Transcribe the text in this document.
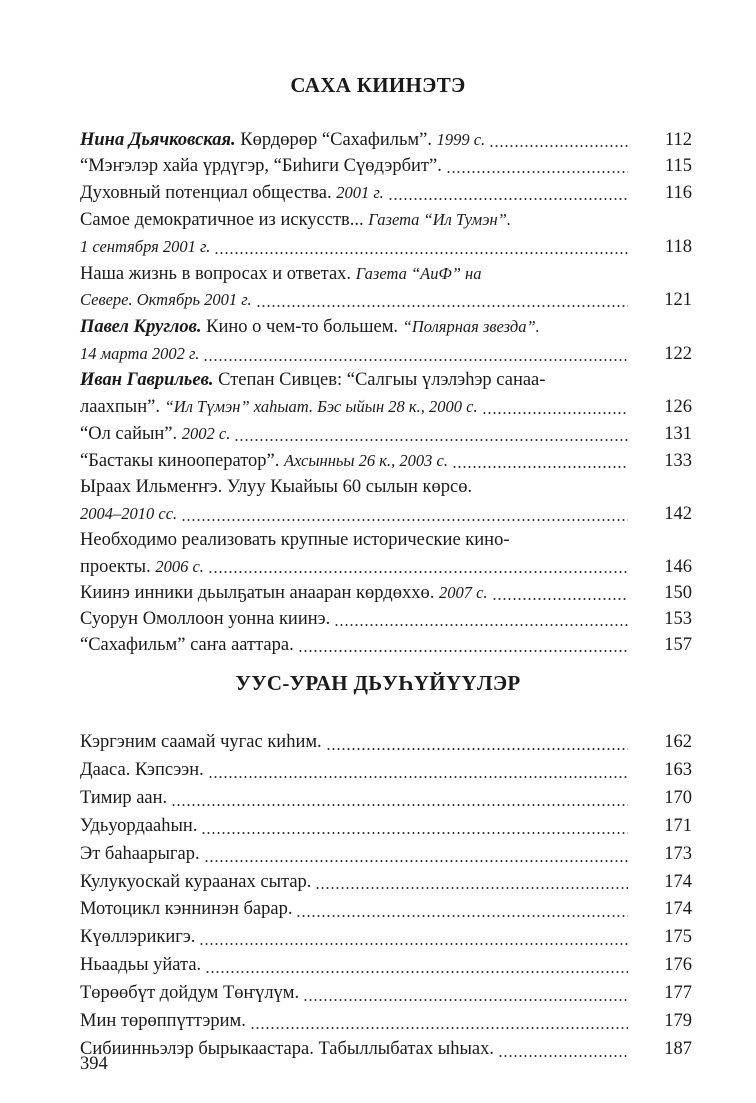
САХА КИИНЭТЭ
Нина Дьячковская. Көрдөрөр “Сахафильм”. 1999 с.	112
“Мэҥэлэр хайа үрдүгэр, “Биһиги Сүөдэрбит”.	115
Духовный потенциал общества. 2001 г.	116
Самое демократичное из искусств... Газета “Ил Тумэн”.
1 сентября 2001 г.	118
Наша жизнь в вопросах и ответах. Газета “АиФ” на
Севере. Октябрь 2001 г.	121
Павел Круглов. Кино о чем-то большем. “Полярная звезда”.
14 марта 2002 г.	122
Иван Гаврильев. Степан Сивцев: “Салгыы үлэлэһэр санаа-
лаахпын”. “Ил Түмэн” хаһыат. Бэс ыйын 28 к., 2000 с.	126
“Ол сайын”. 2002 с.	131
“Бастакы кинооператор”. Ахсынньы 26 к., 2003 с.	133
Ыраах Ильмеҥҥэ. Улуу Кыайыы 60 сылын көрсө.
2004–2010 сс.	142
Необходимо реализовать крупные исторические кино-
проекты. 2006 с.	146
Киинэ инники дьылҕатын анааран көрдөххө. 2007 с.	150
Суорун Омоллоон уонна киинэ.	153
“Сахафильм” саҥа ааттара.	157
УУС-УРАН ДЬУҺҮЙҮҮЛЭР
Кэргэним саамай чугас киһим.	162
Дааса. Кэпсээн.	163
Тимир аан.	170
Удьуордааһын.	171
Эт баһаарыгар.	173
Кулукуоскай кураанах сытар.	174
Мотоцикл кэннинэн барар.	174
Күөллэрикигэ.	175
Ньаадьы уйата.	176
Төрөөбүт дойдум Төҥүлүм.	177
Мин төрөппүттэрим.	179
Сибиинньэлэр бырыкаастара. Табыллыбатах ыһыах.	187
394
